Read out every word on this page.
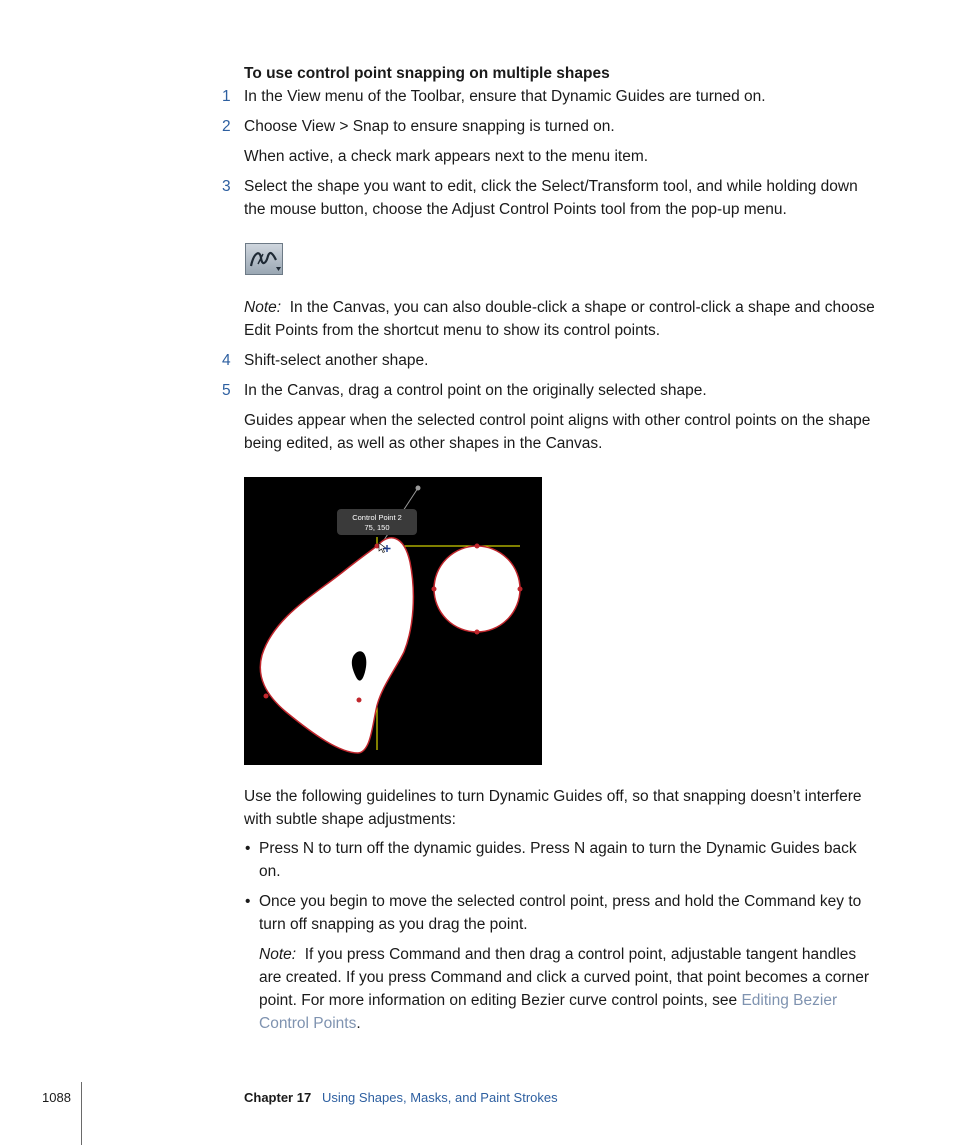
To use control point snapping on multiple shapes
1 In the View menu of the Toolbar, ensure that Dynamic Guides are turned on.
2 Choose View > Snap to ensure snapping is turned on.
When active, a check mark appears next to the menu item.
3 Select the shape you want to edit, click the Select/Transform tool, and while holding down the mouse button, choose the Adjust Control Points tool from the pop-up menu.
Note: In the Canvas, you can also double-click a shape or control-click a shape and choose Edit Points from the shortcut menu to show its control points.
4 Shift-select another shape.
5 In the Canvas, drag a control point on the originally selected shape.
Guides appear when the selected control point aligns with other control points on the shape being edited, as well as other shapes in the Canvas.
Control Point 2
75, 150
Use the following guidelines to turn Dynamic Guides off, so that snapping doesn’t interfere with subtle shape adjustments:
• Press N to turn off the dynamic guides. Press N again to turn the Dynamic Guides back on.
• Once you begin to move the selected control point, press and hold the Command key to turn off snapping as you drag the point.
Note: If you press Command and then drag a control point, adjustable tangent handles are created. If you press Command and click a curved point, that point becomes a corner point. For more information on editing Bezier curve control points, see Editing Bezier Control Points.
1088	Chapter 17 Using Shapes, Masks, and Paint Strokes
